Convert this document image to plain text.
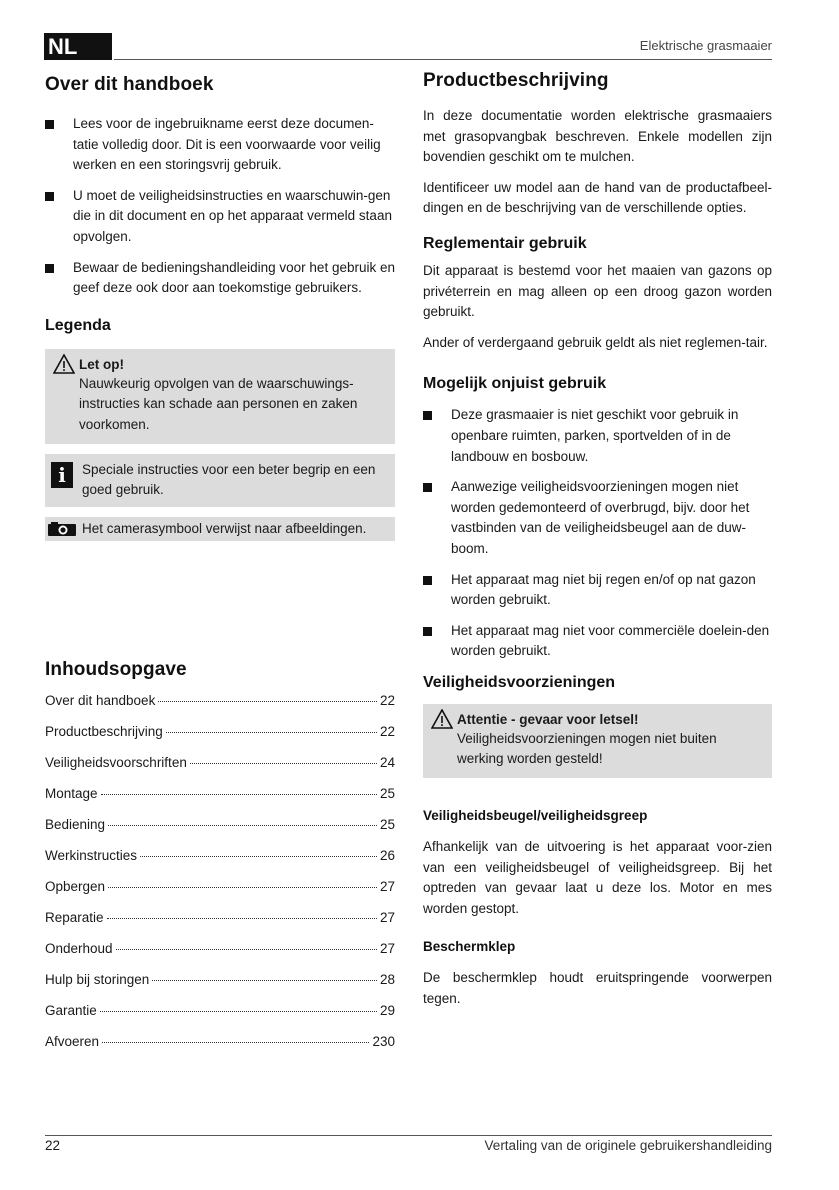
NL	Elektrische grasmaaier
Over dit handboek
Lees voor de ingebruikname eerst deze documen-tatie volledig door. Dit is een voorwaarde voor veilig werken en een storingsvrij gebruik.
U moet de veiligheidsinstructies en waarschuwin-gen die in dit document en op het apparaat vermeld staan opvolgen.
Bewaar de bedieningshandleiding voor het gebruik en geef deze ook door aan toekomstige gebruikers.
Legenda
Let op!

Nauwkeurig opvolgen van de waarschuwings-instructies kan schade aan personen en zaken voorkomen.

i	Speciale instructies voor een beter begrip en een goed gebruik.

Het camerasymbool verwijst naar afbeeldingen.

Inhoudsopgave
Over dit handboek	22
Productbeschrijving	22
Veiligheidsvoorschriften	24
Montage	25
Bediening	25
Werkinstructies	26
Opbergen	27
Reparatie	27
Onderhoud	27
Hulp bij storingen	28
Garantie	29
Afvoeren	230
Productbeschrijving

In deze documentatie worden elektrische grasmaaiers met grasopvangbak beschreven. Enkele modellen zijn bovendien geschikt om te mulchen.

Identificeer uw model aan de hand van de productafbeel-dingen en de beschrijving van de verschillende opties.

Reglementair gebruik

Dit apparaat is bestemd voor het maaien van gazons op privéterrein en mag alleen op een droog gazon worden gebruikt.

Ander of verdergaand gebruik geldt als niet reglemen-tair.

Mogelijk onjuist gebruik
Deze grasmaaier is niet geschikt voor gebruik in openbare ruimten, parken, sportvelden of in de landbouw en bosbouw.
Aanwezige veiligheidsvoorzieningen mogen niet worden gedemonteerd of overbrugd, bijv. door het vastbinden van de veiligheidsbeugel aan de duw-boom.
Het apparaat mag niet bij regen en/of op nat gazon worden gebruikt.
Het apparaat mag niet voor commerciële doelein-den worden gebruikt.
Veiligheidsvoorzieningen
Attentie - gevaar voor letsel!

Veiligheidsvoorzieningen mogen niet buiten werking worden gesteld!

Veiligheidsbeugel/veiligheidsgreep

Afhankelijk van de uitvoering is het apparaat voor-zien van een veiligheidsbeugel of veiligheidsgreep. Bij het optreden van gevaar laat u deze los. Motor en mes worden gestopt.

Beschermklep

De beschermklep houdt eruitspringende voorwerpen tegen.

22	Vertaling van de originele gebruikershandleiding
